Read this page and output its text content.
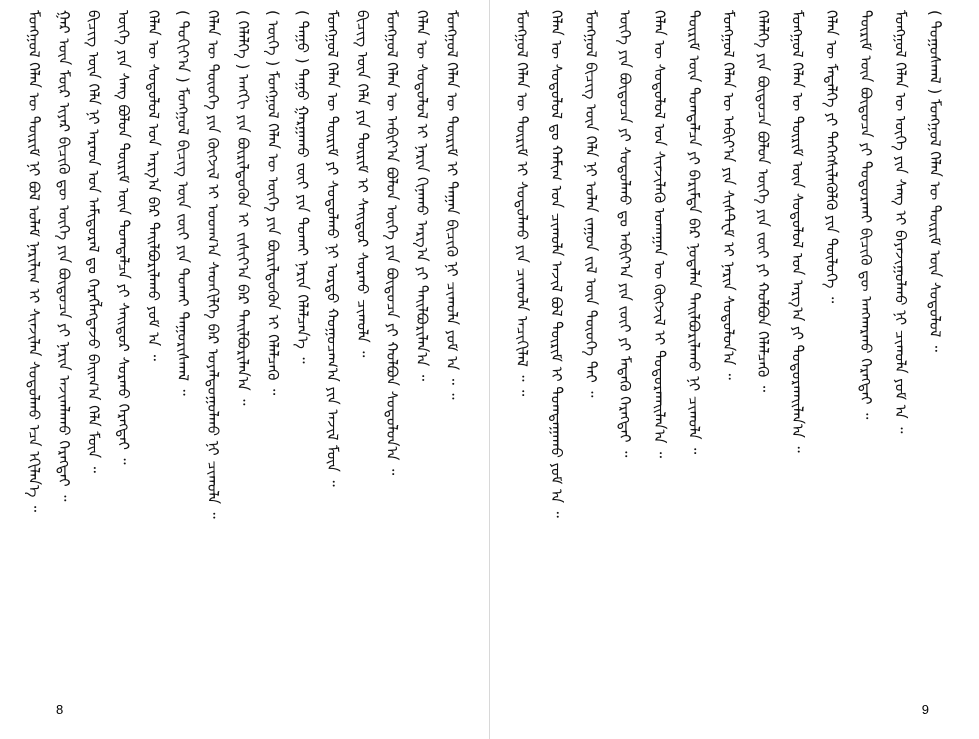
ᠮᠣᠩᠭᠣᠯ ᠬᠡᠯᠡᠨ ᠦ ᠳᠦᠷᠢᠮ ᠨᠢ ᠪᠣᠯ ᠤᠯᠠᠮ ᠨᠠᠷᠢᠯᠢᠭ ᠢ ᠰᠢᠨᠵᠢᠯᠡᠨ ᠰᠤᠳᠤᠯᠬᠤ ᠡᠴᠡ ᠡᠬᠢᠯᠡᠨ᠎ᠡ ᠃ ᠭᠠᠷ ᠦᠨ ᠮᠥᠷ ᠢᠶᠡᠷ ᠪᠢᠴᠢᠬᠦ ᠳᠦ ᠥᠭᠡ ᠶᠢᠨ ᠪᠦᠲᠦᠴᠡ ᠶᠢ ᠨᠠᠷᠢᠨ ᠠᠵᠢᠭᠯᠠᠬᠤ ᠬᠡᠷᠡᠭᠲᠡᠢ ᠃ ᠪᠢᠴᠢᠭ ᠦᠨ ᠬᠡᠯᠡ ᠨᠢ ᠠᠷᠠᠳ ᠤᠨ ᠠᠮᠢᠳᠤᠷᠠᠯ ᠳᠤ ᠬᠡᠷᠡᠭᠯᠡᠭᠳᠡᠵᠦ ᠪᠠᠢᠭ᠎ᠠ ᠬᠡᠯᠡ ᠮᠥᠨ ᠃ ᠦᠭᠡ ᠶᠢᠨ ᠰᠠᠩ ᠪᠣᠯᠤᠨ ᠳᠦᠷᠢᠮ ᠦᠨ ᠲᠣᠭᠲᠠᠯᠴᠠ ᠶᠢ ᠰᠠᠢᠲᠤᠷ ᠰᠤᠷᠬᠤ ᠬᠡᠷᠡᠭᠲᠡᠢ ᠃ ᠬᠡᠯᠡᠨ ᠦ ᠰᠤᠳᠤᠯᠤᠯ ᠤᠨ ᠠᠷᠭ᠎ᠠ ᠪᠠᠷ ᠲᠠᠢᠯᠪᠤᠷᠢᠯᠠᠬᠤ ᠶᠤᠮ ᠠ ᠃ ( ᠳᠤᠬᠢᠶ᠎ᠠ ) ᠮᠣᠩᠭᠣᠯ ᠪᠢᠴᠢᠭ ᠦᠨ ᠵᠦᠢ ᠶᠢᠨ ᠲᠤᠬᠠᠢ ᠳᠠᠭᠤᠷᠢᠰᠬᠠᠯ ᠃ ᠬᠡᠯᠡᠨ ᠦ ᠲᠦᠦᠬᠡ ᠶᠢᠨ ᠬᠥᠭᠵᠢᠯ ᠢ ᠤᠳᠬ᠎ᠠ ᠰᠡᠳᠬᠢᠯᠭᠡ ᠪᠡᠷ ᠤᠶᠠᠯᠳᠤᠭᠤᠯᠬᠤ ᠨᠢ ᠴᠢᠬᠤᠯᠠ ᠃ ( ᠬᠡᠯᠡᠯᠭᠡ ) ᠠᠩᠭᠢ ᠶᠢᠨ ᠪᠦᠷᠢᠯᠳᠦᠭᠦᠨ ᠢ ᠵᠢᠱᠢᠶ᠎ᠠ ᠪᠠᠷ ᠲᠠᠢᠯᠪᠤᠷᠢᠯᠠᠨ᠎ᠠ ᠃ ( ᠦᠭᠡ ) ᠮᠣᠩᠭᠣᠯ ᠬᠡᠯᠡᠨ ᠦ ᠦᠭᠡ ᠶᠢᠨ ᠪᠦᠷᠢᠯᠳᠦᠬᠦᠨ ᠢ ᠬᠡᠯᠡᠯᠴᠡᠬᠦ ᠃ ( ᠳᠠᠭᠤ ) ᠳᠠᠭᠤ ᠭᠠᠷᠭᠠᠬᠤ ᠵᠦᠢ ᠶᠢᠨ ᠲᠤᠬᠠᠢ ᠨᠠᠷᠢᠨ ᠬᠡᠯᠡᠯᠴᠡᠨ᠎ᠡ ᠃ ᠮᠣᠩᠭᠣᠯ ᠬᠡᠯᠡᠨ ᠦ ᠳᠦᠷᠢᠮ ᠶᠢ ᠰᠤᠳᠤᠯᠬᠤ ᠨᠢ ᠤᠷᠲᠤ ᠬᠤᠭᠤᠴᠠᠭ᠎ᠠ ᠶᠢᠨ ᠠᠵᠢᠯ ᠮᠥᠨ ᠃ ᠪᠢᠴᠢᠭ ᠦᠨ ᠬᠡᠯᠡ ᠶᠢᠨ ᠳᠦᠷᠢᠮ ᠢ ᠰᠠᠢᠲᠤᠷ ᠰᠤᠷᠬᠤ ᠴᠢᠬᠤᠯᠠ ᠃ ᠮᠣᠩᠭᠣᠯ ᠬᠡᠯᠡᠨ ᠦ ᠠᠪᠢᠶ᠎ᠠ ᠪᠣᠯᠤᠨ ᠦᠭᠡ ᠶᠢᠨ ᠪᠦᠲᠦᠴᠡ ᠶᠢ ᠬᠣᠯᠪᠣᠨ ᠰᠤᠳᠤᠯᠤᠨ᠎ᠠ ᠃ ᠬᠡᠯᠡᠨ ᠦ ᠰᠤᠳᠤᠯᠤᠯ ᠢ ᠨᠠᠷᠢᠨ ᠬᠢᠨᠠᠬᠤ ᠠᠷᠭ᠎ᠠ ᠶᠢ ᠲᠠᠢᠯᠪᠤᠷᠢᠯᠠᠨ᠎ᠠ ᠃ ᠮᠣᠩᠭᠣᠯ ᠬᠡᠯᠡᠨ ᠦ ᠳᠦᠷᠢᠮ ᠢ ᠳᠠᠭᠠᠨ ᠪᠢᠴᠢᠬᠦ ᠨᠢ ᠴᠢᠬᠤᠯᠠ ᠶᠤᠮ ᠠ ᠃ ᠃
8
ᠮᠣᠩᠭᠣᠯ ᠬᠡᠯᠡᠨ ᠦ ᠳᠦᠷᠢᠮ ᠢ ᠰᠤᠳᠤᠯᠬᠤ ᠶᠢᠨ ᠴᠢᠬᠤᠯᠠ ᠠᠴᠢᠬᠢᠯᠠᠯ ᠃ ᠃	ᠬᠡᠯᠡᠨ ᠦ ᠰᠤᠳᠤᠯᠤᠯ ᠳᠤ ᠬᠠᠮᠢᠭ ᠤᠨ ᠴᠢᠬᠤᠯᠠ ᠠᠵᠢᠯ ᠪᠣᠯ ᠳᠦᠷᠢᠮ ᠢ ᠲᠣᠭᠲᠠᠭᠠᠬᠤ ᠶᠤᠮ ᠠ ᠃	ᠮᠣᠩᠭᠣᠯ ᠪᠢᠴᠢᠭ ᠦᠨ ᠬᠡᠯᠡ ᠨᠢ ᠣᠯᠠᠨ ᠵᠠᠭᠤᠨ ᠵᠢᠯ ᠦᠨ ᠲᠦᠦᠬᠡ ᠲᠡᠢ ᠃	ᠦᠭᠡ ᠶᠢᠨ ᠪᠦᠲᠦᠴᠡ ᠶᠢ ᠰᠤᠳᠤᠯᠬᠤ ᠳᠤ ᠠᠪᠢᠶ᠎ᠠ ᠶᠢᠨ ᠵᠦᠢ ᠶᠢ ᠮᠡᠳᠡᠬᠦ ᠬᠡᠷᠡᠭᠲᠡᠢ ᠃	ᠬᠡᠯᠡᠨ ᠦ ᠰᠤᠳᠤᠯᠤᠯ ᠤᠨ ᠰᠢᠨᠵᠢᠯᠡᠬᠦ ᠤᠬᠠᠭᠠᠨ ᠦ ᠬᠥᠭᠵᠢᠯ ᠢ ᠲᠣᠳᠤᠷᠬᠠᠢᠯᠠᠨ᠎ᠠ ᠃	ᠳᠦᠷᠢᠮ ᠦᠨ ᠲᠣᠭᠲᠠᠯᠴᠠ ᠶᠢ ᠪᠠᠷᠢᠮᠲᠠ ᠪᠠᠷ ᠨᠣᠲᠠᠯᠠᠨ ᠲᠠᠢᠯᠪᠤᠷᠢᠯᠠᠬᠤ ᠨᠢ ᠴᠢᠬᠤᠯᠠ ᠃	ᠮᠣᠩᠭᠣᠯ ᠬᠡᠯᠡᠨ ᠦ ᠠᠪᠢᠶ᠎ᠠ ᠶᠢᠨ ᠰᠢᠰᠲᠧᠮ ᠢ ᠨᠠᠷᠢᠨ ᠰᠤᠳᠤᠯᠤᠨ᠎ᠠ ᠃	ᠬᠡᠯᠡᠯᠭᠡ ᠶᠢᠨ ᠪᠦᠲᠦᠴᠡ ᠪᠣᠯᠤᠨ ᠦᠭᠡ ᠶᠢᠨ ᠵᠦᠢ ᠶᠢ ᠬᠣᠯᠪᠣᠨ ᠬᠡᠯᠡᠯᠴᠡᠬᠦ ᠃	ᠮᠣᠩᠭᠣᠯ ᠬᠡᠯᠡᠨ ᠦ ᠳᠦᠷᠢᠮ ᠦᠨ ᠰᠤᠳᠤᠯᠤᠯ ᠤᠨ ᠠᠷᠭ᠎ᠠ ᠶᠢ ᠲᠣᠳᠤᠷᠬᠠᠢᠯᠠᠨ᠎ᠠ ᠃	ᠬᠡᠯᠡᠨ ᠦ ᠮᠡᠳᠡᠯᠭᠡ ᠶᠢ ᠳᠡᠭᠡᠭᠰᠢᠯᠡᠭᠦᠯᠬᠦ ᠶᠢᠨ ᠲᠥᠯᠥᠭᠡ ᠃	ᠳᠦᠷᠢᠮ ᠦᠨ ᠪᠦᠲᠦᠴᠡ ᠶᠢ ᠲᠣᠳᠤᠷᠬᠠᠢ ᠪᠢᠴᠢᠬᠦ ᠳᠦ ᠠᠨᠭᠬᠠᠷᠬᠤ ᠬᠡᠷᠡᠭᠲᠡᠢ ᠃	ᠮᠣᠩᠭᠣᠯ ᠬᠡᠯᠡᠨ ᠦ ᠦᠭᠡ ᠶᠢᠨ ᠰᠠᠩ ᠢ ᠪᠠᠶᠠᠵᠢᠭᠤᠯᠬᠤ ᠨᠢ ᠴᠢᠬᠤᠯᠠ ᠶᠤᠮ ᠠ ᠃	( ᠳᠤᠭᠤᠰᠬᠠᠯ ) ᠮᠣᠩᠭᠣᠯ ᠬᠡᠯᠡᠨ ᠦ ᠳᠦᠷᠢᠮ ᠦᠨ ᠰᠤᠳᠤᠯᠤᠯ ᠃
9
